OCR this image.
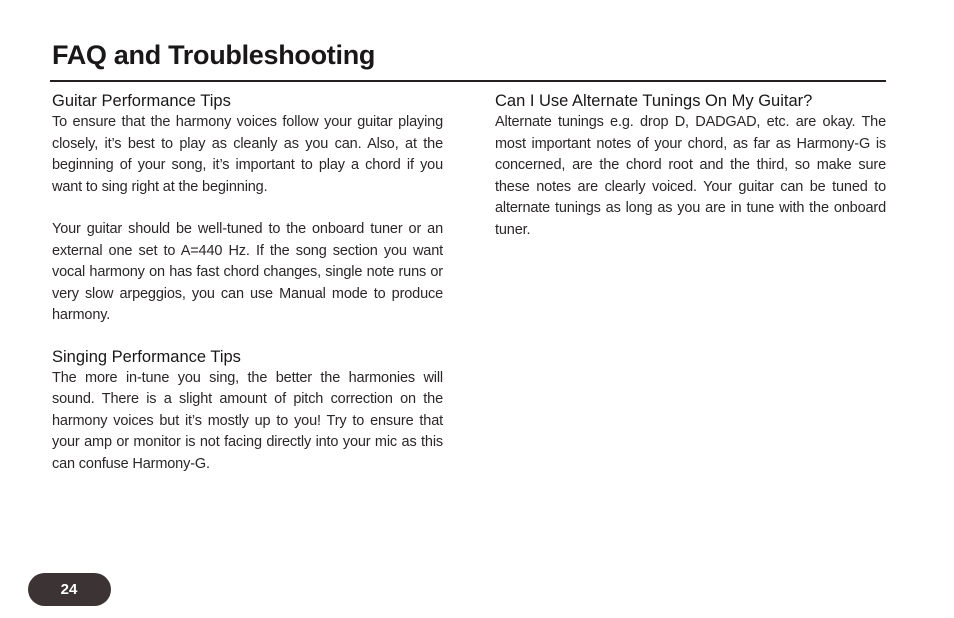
FAQ and Troubleshooting
Guitar Performance Tips

To ensure that the harmony voices follow your guitar playing closely, it’s best to play as cleanly as you can. Also, at the beginning of your song, it’s important to play a chord if you want to sing right at the beginning.

Your guitar should be well-tuned to the onboard tuner or an external one set to A=440 Hz. If the song section you want vocal harmony on has fast chord changes, single note runs or very slow arpeggios, you can use Manual mode to produce harmony.

Singing Performance Tips

The more in-tune you sing, the better the harmonies will sound. There is a slight amount of pitch correction on the harmony voices but it’s mostly up to you! Try to ensure that your amp or monitor is not facing directly into your mic as this can confuse Harmony-G.

Can I Use Alternate Tunings On My Guitar?

Alternate tunings e.g. drop D, DADGAD, etc. are okay. The most important notes of your chord, as far as Harmony-G is concerned, are the chord root and the third, so make sure these notes are clearly voiced. Your guitar can be tuned to alternate tunings as long as you are in tune with the onboard tuner.

24
